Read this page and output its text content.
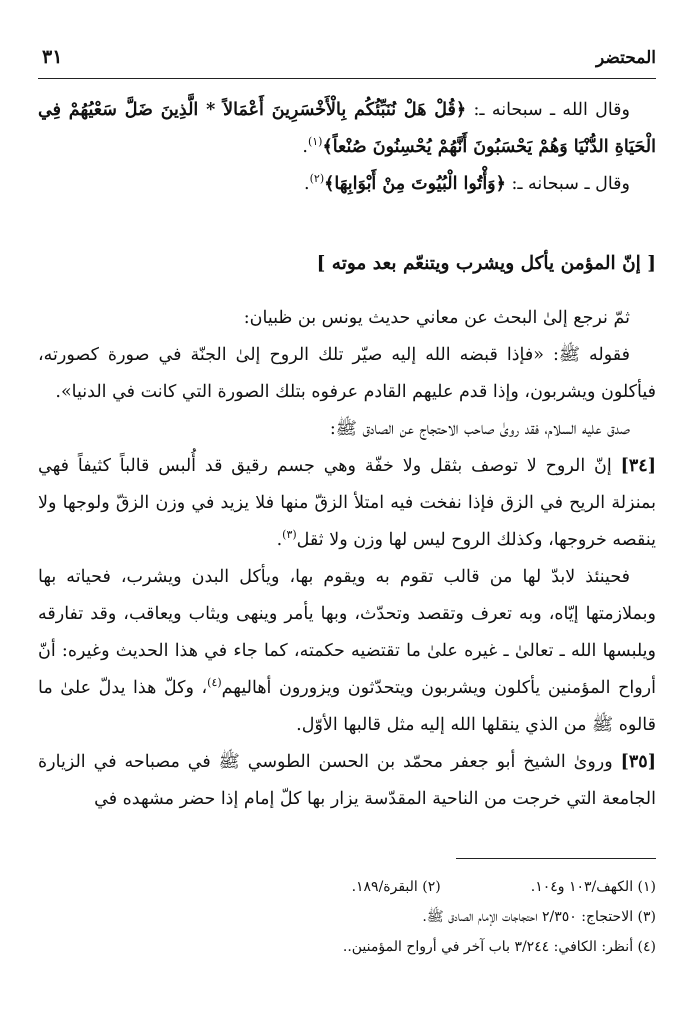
المحتضر
٣١

وقال الله ـ سبحانه ـ: ﴿قُلْ هَلْ نُنَبِّئُكُم بِالْأَخْسَرِينَ أَعْمَالاً * الَّذِينَ ضَلَّ سَعْيُهُمْ فِي الْحَيَاةِ الدُّنْيَا وَهُمْ يَحْسَبُونَ أَنَّهُمْ يُحْسِنُونَ صُنْعاً﴾$^{(١)}$.

وقال ـ سبحانه ـ: ﴿وَأْتُوا الْبُيُوتَ مِنْ أَبْوَابِهَا﴾$^{(٢)}$.

[ إنّ المؤمن يأكل ويشرب ويتنعّم بعد موته ]

ثمّ نرجع إلىٰ البحث عن معاني حديث يونس بن ظبيان:

فقوله ﷺ: «فإذا قبضه الله إليه صيّر تلك الروح إلىٰ الجنّة في صورة كصورته، فيأكلون ويشربون، وإذا قدم عليهم القادم عرفوه بتلك الصورة التي كانت في الدنيا».

صدق عليه السلام، فقد روىٰ صاحب الاحتجاج عن الصادق ﷺ:

[٣٤] إنّ الروح لا توصف بثقل ولا خفّة وهي جسم رقيق قد أُلبس قالباً كثيفاً فهي بمنزلة الريح في الزق فإذا نفخت فيه امتلأ الزقّ منها فلا يزيد في وزن الزقّ ولوجها ولا ينقصه خروجها، وكذلك الروح ليس لها وزن ولا ثقل$^{(٣)}$.

فحينئذ لابدّ لها من قالب تقوم به ويقوم بها، ويأكل البدن ويشرب، فحياته بها وبملازمتها إيّاه، وبه تعرف وتقصد وتحدّث، وبها يأمر وينهى ويثاب ويعاقب، وقد تفارقه ويلبسها الله ـ تعالىٰ ـ غيره علىٰ ما تقتضيه حكمته، كما جاء في هذا الحديث وغيره: أنّ أرواح المؤمنين يأكلون ويشربون ويتحدّثون ويزورون أهاليهم$^{(٤)}$، وكلّ هذا يدلّ علىٰ ما قالوه ﷺ من الذي ينقلها الله إليه مثل قالبها الأوّل.

[٣٥] ورویٰ الشيخ أبو جعفر محمّد بن الحسن الطوسي ﷺ في مصباحه في الزيارة الجامعة التي خرجت من الناحية المقدّسة يزار بها كلّ إمام إذا حضر مشهده في

(١) الكهف/١٠٣ و١٠٤.(٢) البقرة/١٨٩.

(٣) الاحتجاج: ٢/٣٥٠ احتجاجات الإمام الصادق ﷺ.

(٤) أنظر: الكافي: ٣/٢٤٤ باب آخر في أرواح المؤمنين..
